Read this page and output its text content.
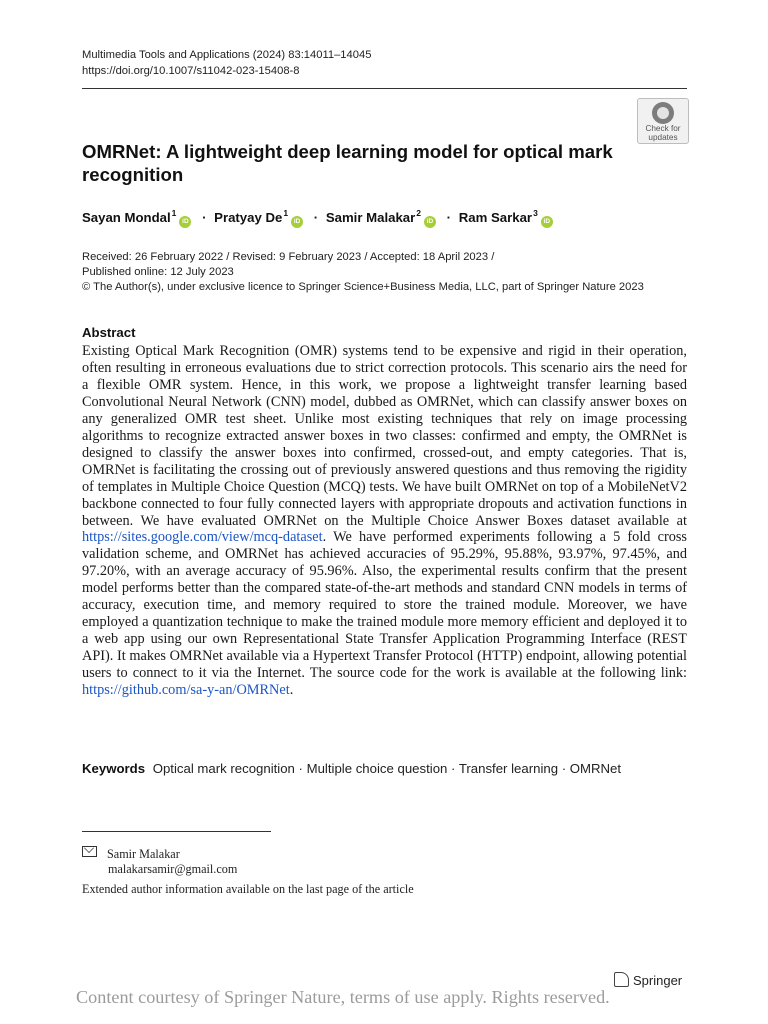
Multimedia Tools and Applications (2024) 83:14011–14045
https://doi.org/10.1007/s11042-023-15408-8
Check for
updates
OMRNet: A lightweight deep learning model for optical mark recognition
Sayan Mondal$^1$iD · Pratyay $De^1iD$ · Samir Malakar$^2$iD · Ram Sarkar$^3$iD
Received: 26 February 2022 / Revised: 9 February 2023 / Accepted: 18 April 2023 /
Published online: 12 July 2023
© The Author(s), under exclusive licence to Springer Science+Business Media, LLC, part of Springer Nature 2023
Abstract

Existing Optical Mark Recognition (OMR) systems tend to be expensive and rigid in their operation, often resulting in erroneous evaluations due to strict correction protocols. This scenario airs the need for a flexible OMR system. Hence, in this work, we propose a lightweight transfer learning based Convolutional Neural Network (CNN) model, dubbed as OMRNet, which can classify answer boxes on any generalized OMR test sheet. Unlike most existing techniques that rely on image processing algorithms to recognize extracted answer boxes in two classes: confirmed and empty, the OMRNet is designed to classify the answer boxes into confirmed, crossed-out, and empty categories. That is, OMRNet is facilitating the crossing out of previously answered questions and thus removing the rigidity of templates in Multiple Choice Question (MCQ) tests. We have built OMRNet on top of a MobileNetV2 backbone connected to four fully connected layers with appropriate dropouts and activation functions in between. We have evaluated OMRNet on the Multiple Choice Answer Boxes dataset available at https://sites.google.com/view/mcq-dataset. We have performed experiments following a 5 fold cross validation scheme, and OMRNet has achieved accuracies of 95.29%, 95.88%, 93.97%, 97.45%, and 97.20%, with an average accuracy of 95.96%. Also, the experimental results confirm that the present model performs better than the compared state-of-the-art methods and standard CNN models in terms of accuracy, execution time, and memory required to store the trained module. Moreover, we have employed a quantization technique to make the trained module more memory efficient and deployed it to a web app using our own Representational State Transfer Application Programming Interface (REST API). It makes OMRNet available via a Hypertext Transfer Protocol (HTTP) endpoint, allowing potential users to connect to it via the Internet. The source code for the work is available at the following link: https://github.com/sa-y-an/OMRNet.

Keywords Optical mark recognition · Multiple choice question · Transfer learning · OMRNet
Samir Malakar
malakarsamir@gmail.com
Extended author information available on the last page of the article
Springer
Content courtesy of Springer Nature, terms of use apply. Rights reserved.
